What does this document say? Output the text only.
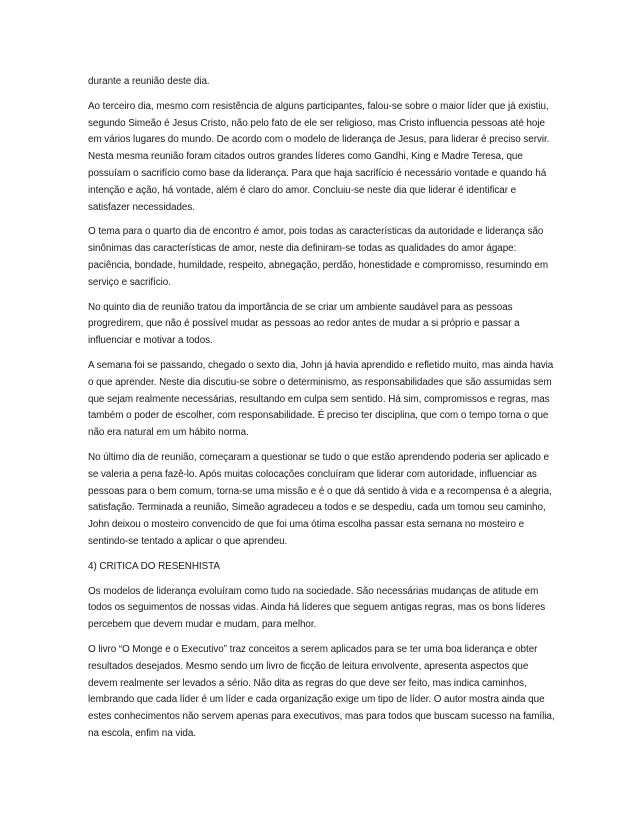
durante a reunião deste dia.

Ao terceiro dia, mesmo com resistência de alguns participantes, falou-se sobre o maior líder que já existiu, segundo Simeão é Jesus Cristo, não pelo fato de ele ser religioso, mas Cristo influencia pessoas até hoje em vários lugares do mundo. De acordo com o modelo de liderança de Jesus, para liderar é preciso servir. Nesta mesma reunião foram citados outros grandes líderes como Gandhi, King e Madre Teresa, que possuíam o sacrifício como base da liderança. Para que haja sacrifício é necessário vontade e quando há intenção e ação, há vontade, além é claro do amor. Concluiu-se neste dia que liderar é identificar e satisfazer necessidades.

O tema para o quarto dia de encontro é amor, pois todas as características da autoridade e liderança são sinônimas das características de amor, neste dia definiram-se todas as qualidades do amor ágape: paciência, bondade, humildade, respeito, abnegação, perdão, honestidade e compromisso, resumindo em serviço e sacrifício.

No quinto dia de reunião tratou da importância de se criar um ambiente saudável para as pessoas progredirem, que não é possível mudar as pessoas ao redor antes de mudar a si próprio e passar a influenciar e motivar a todos.

A semana foi se passando, chegado o sexto dia, John já havia aprendido e refletido muito, mas ainda havia o que aprender. Neste dia discutiu-se sobre o determinismo, as responsabilidades que são assumidas sem que sejam realmente necessárias, resultando em culpa sem sentido. Há sim, compromissos e regras, mas também o poder de escolher, com responsabilidade. É preciso ter disciplina, que com o tempo torna o que não era natural em um hábito norma.

No último dia de reunião, começaram a questionar se tudo o que estão aprendendo poderia ser aplicado e se valeria a pena fazê-lo. Após muitas colocações concluíram que liderar com autoridade, influenciar as pessoas para o bem comum, torna-se uma missão e é o que dá sentido à vida e a recompensa é a alegria, satisfação. Terminada a reunião, Simeão agradeceu a todos e se despediu, cada um tomou seu caminho, John deixou o mosteiro convencido de que foi uma ótima escolha passar esta semana no mosteiro e sentindo-se tentado a aplicar o que aprendeu.

4) CRITICA DO RESENHISTA

Os modelos de liderança evoluíram como tudo na sociedade. São necessárias mudanças de atitude em todos os seguimentos de nossas vidas. Ainda há líderes que seguem antigas regras, mas os bons líderes percebem que devem mudar e mudam, para melhor.

O livro “O Monge e o Executivo” traz conceitos a serem aplicados para se ter uma boa liderança e obter resultados desejados. Mesmo sendo um livro de ficção de leitura envolvente, apresenta aspectos que devem realmente ser levados a sério. Não dita as regras do que deve ser feito, mas indica caminhos, lembrando que cada líder é um líder e cada organização exige um tipo de líder. O autor mostra ainda que estes conhecimentos não servem apenas para executivos, mas para todos que buscam sucesso na família, na escola, enfim na vida.
